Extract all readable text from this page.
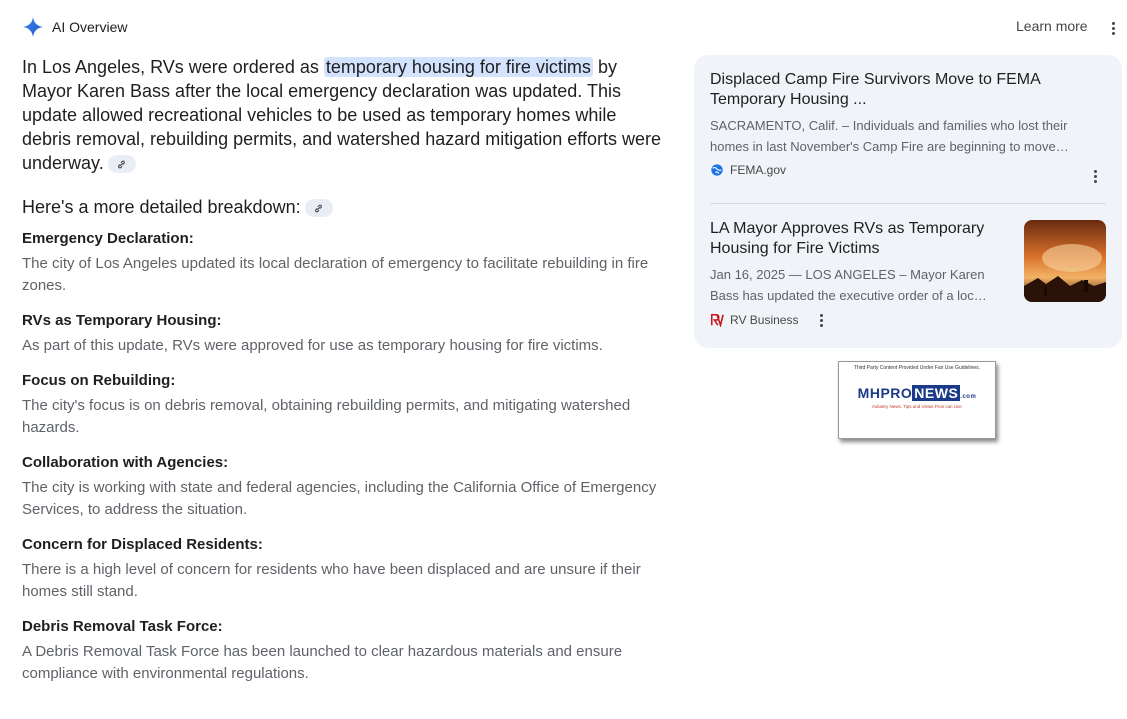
AI Overview	Learn more

In Los Angeles, RVs were ordered as temporary housing for fire victims by Mayor Karen Bass after the local emergency declaration was updated. This update allowed recreational vehicles to be used as temporary homes while debris removal, rebuilding permits, and watershed hazard mitigation efforts were underway.

Here's a more detailed breakdown:
Emergency Declaration:
The city of Los Angeles updated its local declaration of emergency to facilitate rebuilding in fire zones.
RVs as Temporary Housing:
As part of this update, RVs were approved for use as temporary housing for fire victims.
Focus on Rebuilding:
The city's focus is on debris removal, obtaining rebuilding permits, and mitigating watershed hazards.
Collaboration with Agencies:
The city is working with state and federal agencies, including the California Office of Emergency Services, to address the situation.
Concern for Displaced Residents:
There is a high level of concern for residents who have been displaced and are unsure if their homes still stand.
Debris Removal Task Force:
A Debris Removal Task Force has been launched to clear hazardous materials and ensure compliance with environmental regulations.
Displaced Camp Fire Survivors Move to FEMA Temporary Housing ...
SACRAMENTO, Calif. – Individuals and families who lost their homes in last November's Camp Fire are beginning to move…
FEMA.gov
LA Mayor Approves RVs as Temporary Housing for Fire Victims
Jan 16, 2025 — LOS ANGELES – Mayor Karen Bass has updated the executive order of a loc…
RV Business
Third Party Content Provided Under Fair Use Guidelines.
MHPRO NEWS .com
Industry News, Tips and Views Pros can Use
